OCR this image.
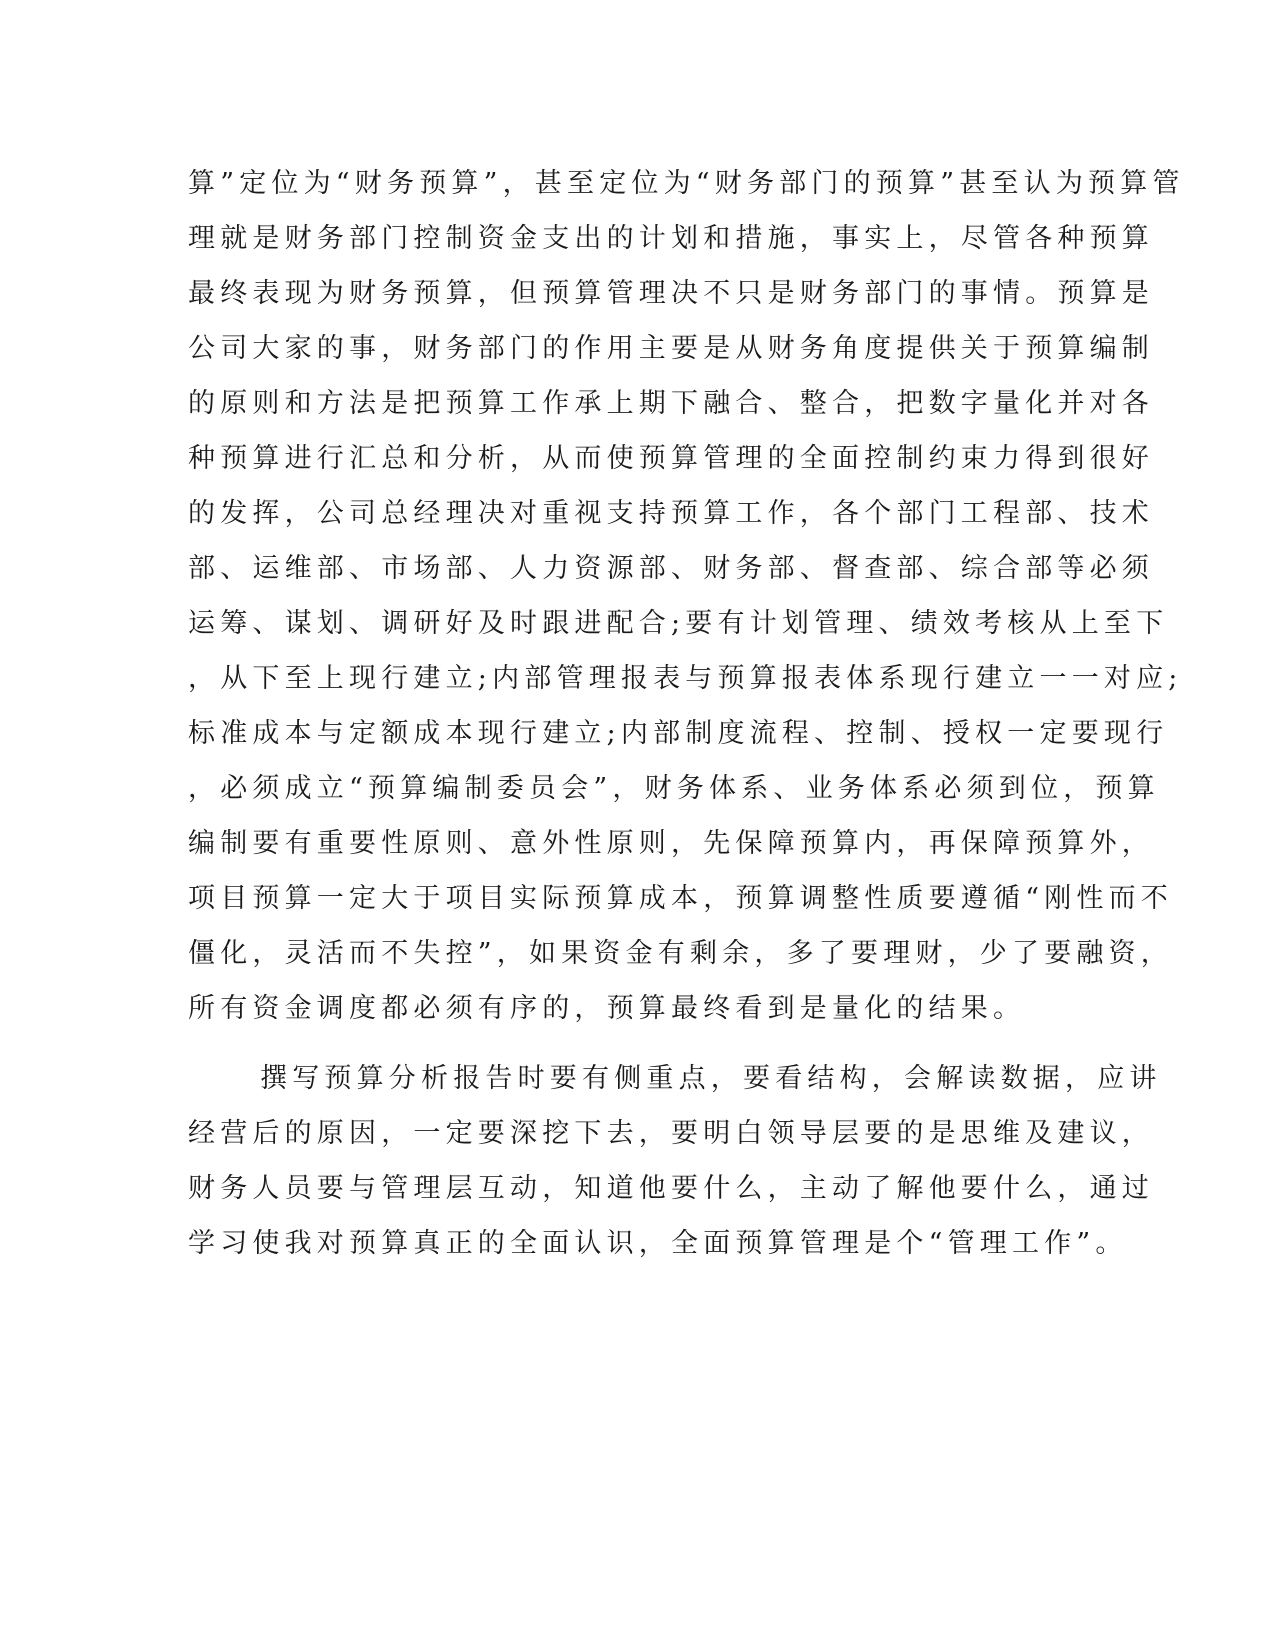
算”定位为“财务预算”，甚至定位为“财务部门的预算”甚至认为预算管
理就是财务部门控制资金支出的计划和措施，事实上，尽管各种预算
最终表现为财务预算，但预算管理决不只是财务部门的事情。预算是
公司大家的事，财务部门的作用主要是从财务角度提供关于预算编制
的原则和方法是把预算工作承上期下融合、整合，把数字量化并对各
种预算进行汇总和分析，从而使预算管理的全面控制约束力得到很好
的发挥，公司总经理决对重视支持预算工作，各个部门工程部、技术
部、运维部、市场部、人力资源部、财务部、督查部、综合部等必须
运筹、谋划、调研好及时跟进配合;要有计划管理、绩效考核从上至下
，从下至上现行建立;内部管理报表与预算报表体系现行建立一一对应;
标准成本与定额成本现行建立;内部制度流程、控制、授权一定要现行
，必须成立“预算编制委员会”，财务体系、业务体系必须到位，预算
编制要有重要性原则、意外性原则，先保障预算内，再保障预算外，
项目预算一定大于项目实际预算成本，预算调整性质要遵循“刚性而不
僵化，灵活而不失控”，如果资金有剩余，多了要理财，少了要融资，
所有资金调度都必须有序的，预算最终看到是量化的结果。
撰写预算分析报告时要有侧重点，要看结构，会解读数据，应讲
经营后的原因，一定要深挖下去，要明白领导层要的是思维及建议，
财务人员要与管理层互动，知道他要什么，主动了解他要什么，通过
学习使我对预算真正的全面认识，全面预算管理是个“管理工作”。
